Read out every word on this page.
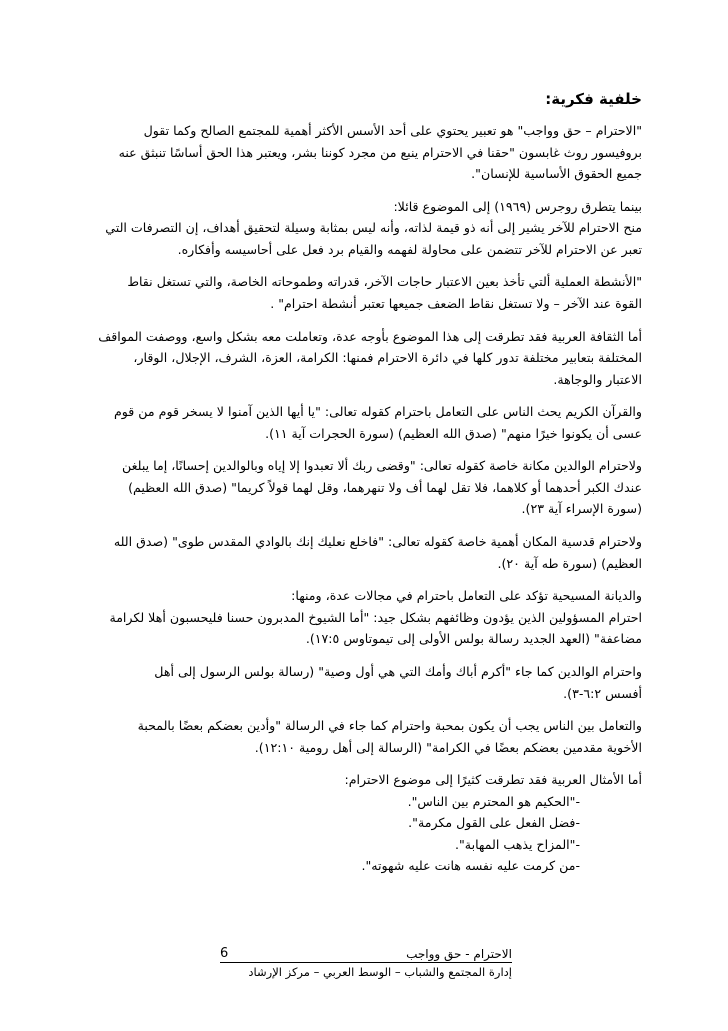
خلفية فكرية:
"الاحترام – حق وواجب" هو تعبير يحتوي على أحد الأسس الأكثر أهمية للمجتمع الصالح وكما تقول
بروفيسور روث غابسون "حقنا في الاحترام ينبع من مجرد كوننا بشر، ويعتبر هذا الحق أساسًا تنبثق عنه
جميع الحقوق الأساسية للإنسان".
بينما يتطرق روجرس (١٩٦٩) إلى الموضوع قائلا:
منح الاحترام للآخر يشير إلى أنه ذو قيمة لذاته، وأنه ليس بمثابة وسيلة لتحقيق أهداف، إن التصرفات التي
تعبر عن الاحترام للآخر تتضمن على محاولة لفهمه والقيام برد فعل على أحاسيسه وأفكاره.
"الأنشطة العملية ألتي تأخذ بعين الاعتبار حاجات الآخر، قدراته وطموحاته الخاصة، والتي تستغل نقاط
القوة عند الآخر – ولا تستغل نقاط الضعف جميعها تعتبر أنشطة احترام" .
أما الثقافة العربية فقد تطرقت إلى هذا الموضوع بأوجه عدة، وتعاملت معه بشكل واسع، ووصفت المواقف
المختلفة بتعابير مختلفة تدور كلها في دائرة الاحترام فمنها: الكرامة، العزة، الشرف، الإجلال، الوقار،
الاعتبار والوجاهة.
والقرآن الكريم يحث الناس على التعامل باحترام كقوله تعالى: "يا أيها الذين آمنوا لا يسخر قوم من قوم
عسى أن يكونوا خيرًا منهم" (صدق الله العظيم) (سورة الحجرات آية ١١).
ولاحترام الوالدين مكانة خاصة كقوله تعالى: "وقضى ربك ألا تعبدوا إلا إياه وبالوالدين إحسانًا، إما يبلغن
عندك الكبر أحدهما أو كلاهما، فلا تقل لهما أف ولا تنهرهما، وقل لهما قولاً كريما" (صدق الله العظيم)
(سورة الإسراء آية ٢٣).
ولاحترام قدسية المكان أهمية خاصة كقوله تعالى: "فاخلع نعليك إنك بالوادي المقدس طوى" (صدق الله
العظيم) (سورة طه آية ٢٠).
والديانة المسيحية تؤكد على التعامل باحترام في مجالات عدة، ومنها:
احترام المسؤولين الذين يؤدون وظائفهم بشكل جيد: "أما الشيوخ المدبرون حسنا فليحسبون أهلا لكرامة
مضاعفة" (العهد الجديد رسالة بولس الأولى إلى تيموتاوس ١٧:٥).
واحترام الوالدين كما جاء "أكرم أباك وأمك التي هي أول وصية" (رسالة بولس الرسول إلى أهل
أفسس ٦:٢-٣).
والتعامل بين الناس يجب أن يكون بمحبة واحترام كما جاء في الرسالة "وأدين بعضكم بعضًا بالمحبة
الأخوية مقدمين بعضكم بعضًا في الكرامة" (الرسالة إلى أهل رومية ١٢:١٠).
أما الأمثال العربية فقد تطرقت كثيرًا إلى موضوع الاحترام:
-"الحكيم هو المحترم بين الناس".
-فضل الفعل على القول مكرمة".
-"المزاح يذهب المهابة".
-من كرمت عليه نفسه هانت عليه شهوته".
الاحترام - حق وواجب
6
إدارة المجتمع والشباب – الوسط العربي – مركز الإرشاد
